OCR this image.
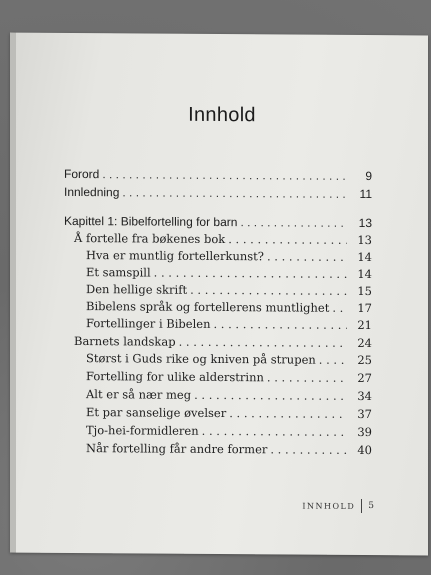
Innhold
Forord . . .	9
Innledning . . .	11
Kapittel 1: Bibelfortelling for barn . . .	13
Å fortelle fra bøkenes bok . . .	13
Hva er muntlig fortellerkunst? . . .	14
Et samspill . . .	14
Den hellige skrift . . .	15
Bibelens språk og fortellerens muntlighet . . .	17
Fortellinger i Bibelen . . .	21
Barnets landskap . . .	24
Størst i Guds rike og kniven på strupen . . .	25
Fortelling for ulike alderstrinn . . .	27
Alt er så nær meg . . .	34
Et par sanselige øvelser . . .	37
Tjo-hei-formidleren . . .	39
Når fortelling får andre former . . .	40
INNHOLD 5
